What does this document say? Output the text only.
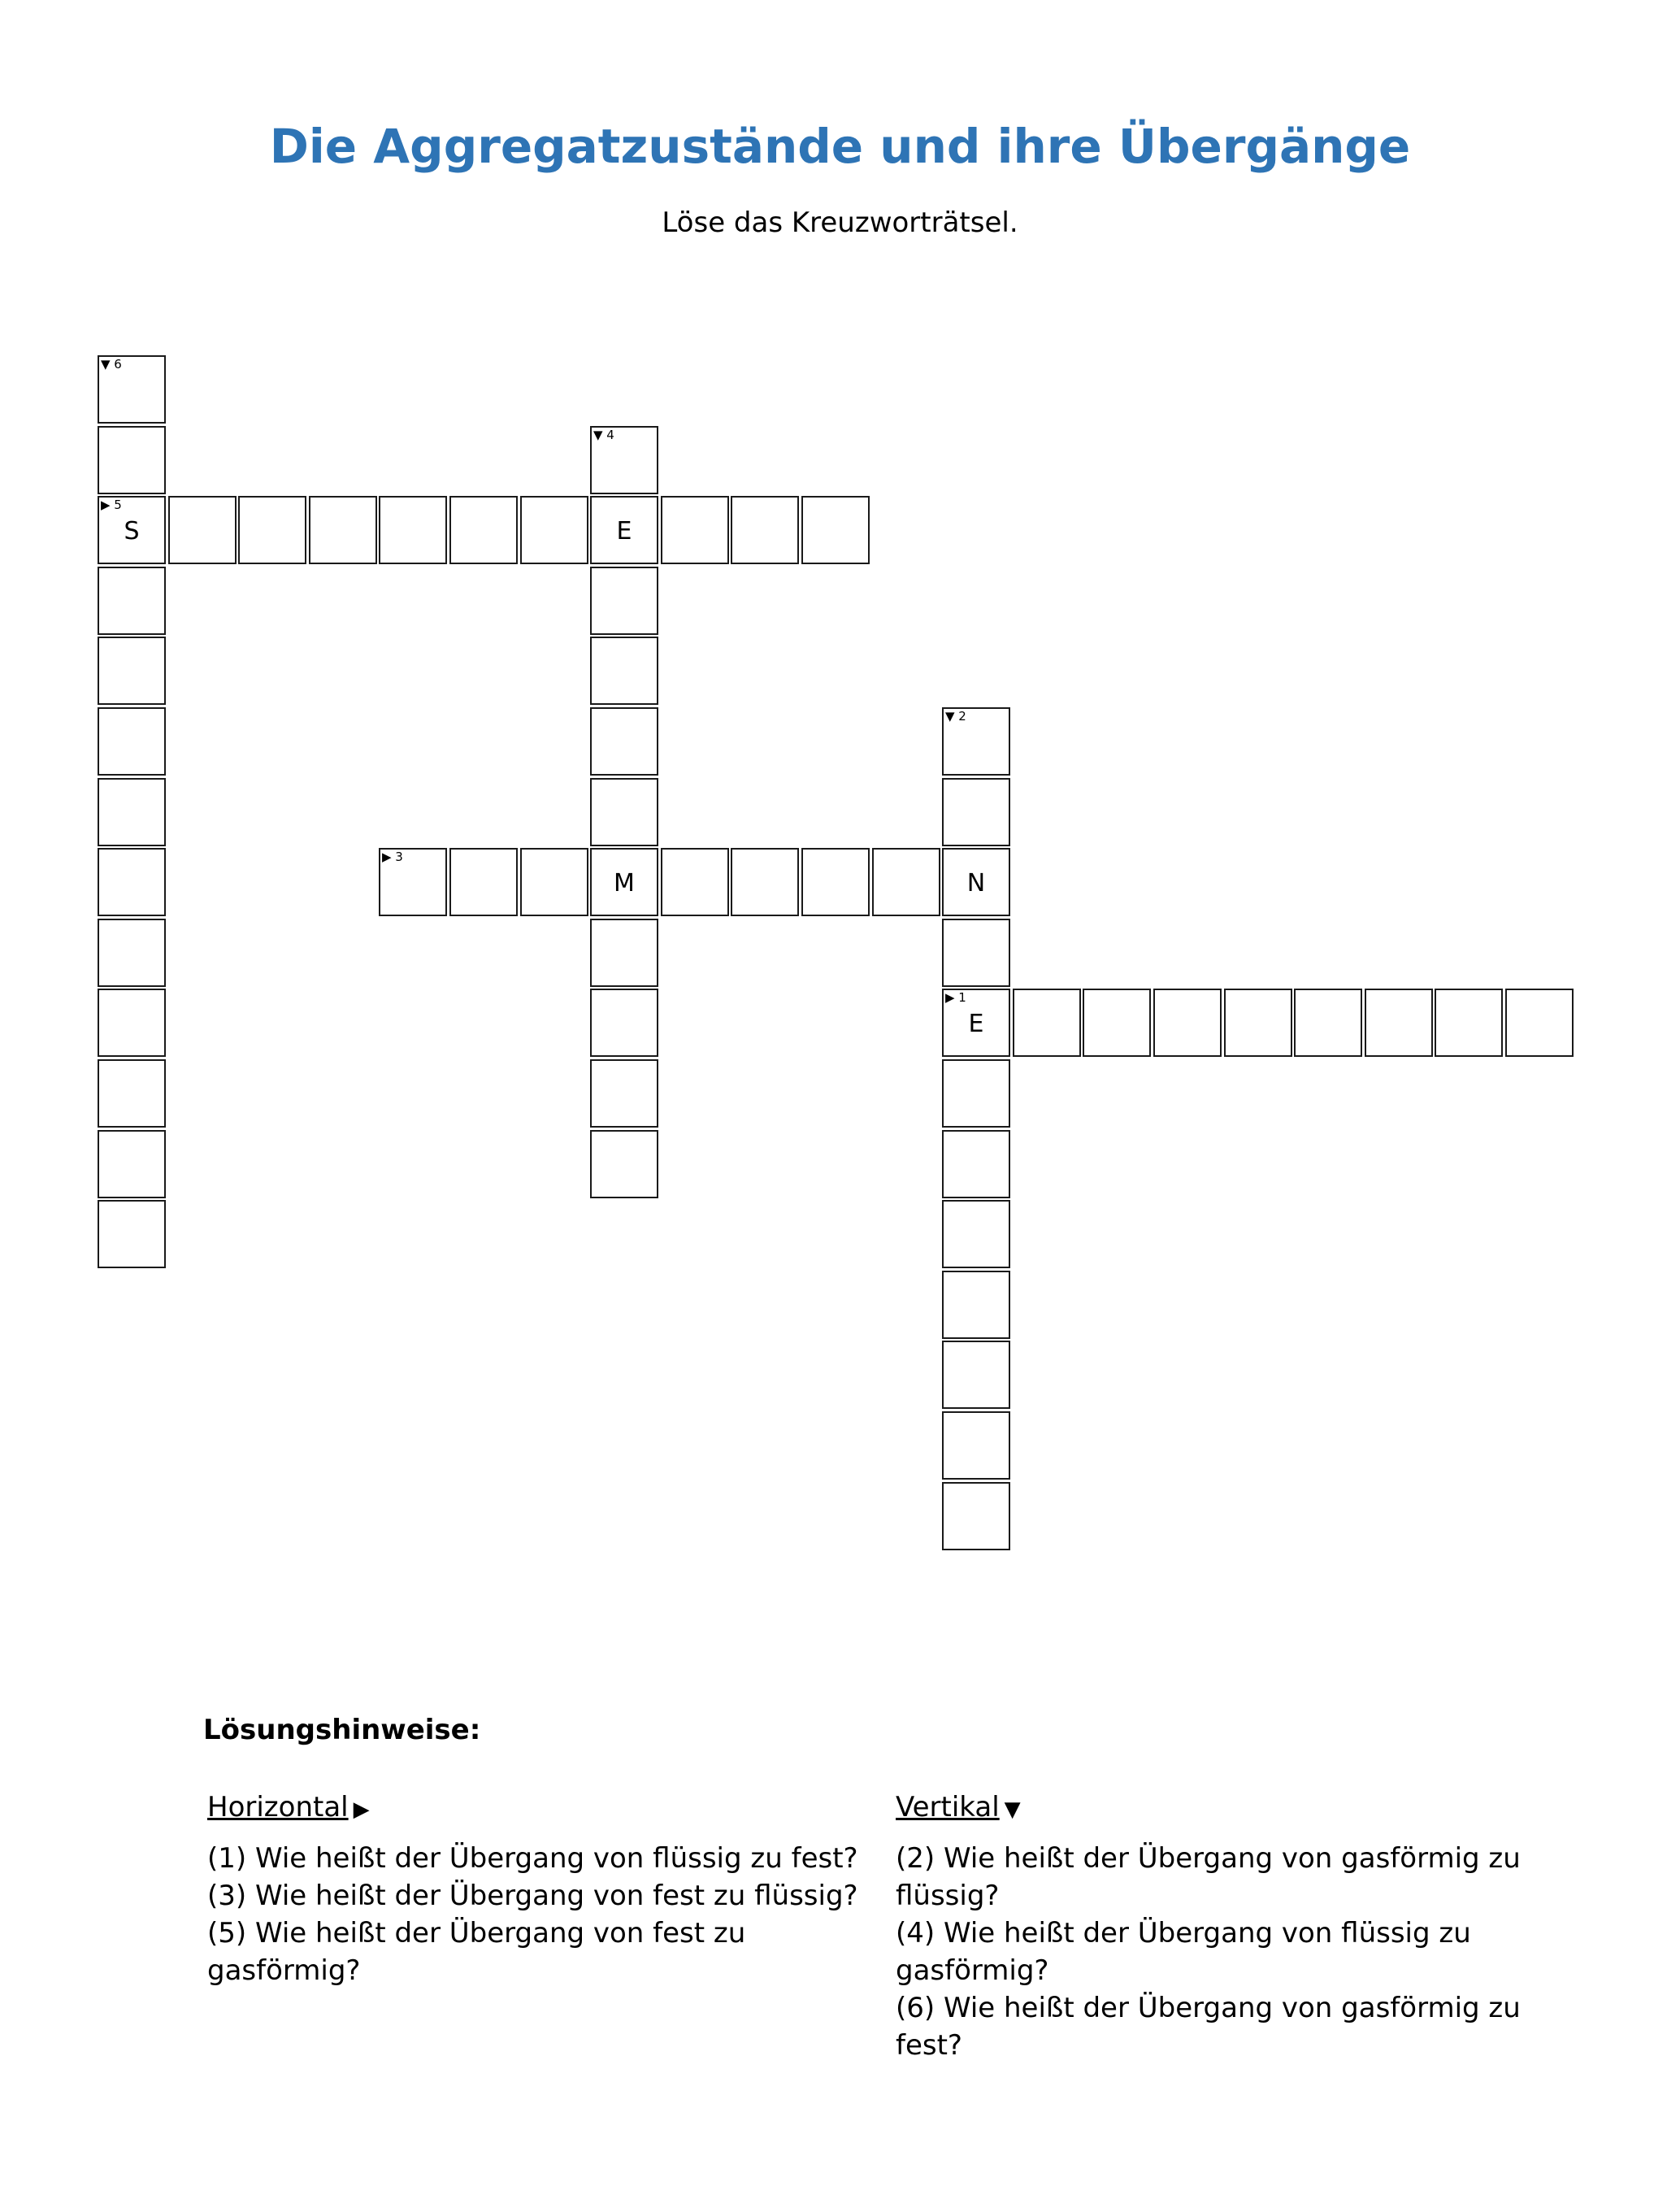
Die Aggregatzustände und ihre Übergänge

Löse das Kreuzworträtsel.

▼ 6
▶ 5
S
▼ 4
E
M
▼ 2
N
▶ 1
E
▶ 3

Lösungshinweise:

Horizontal ▶

(1) Wie heißt der Übergang von flüssig zu fest?

(3) Wie heißt der Übergang von fest zu flüssig?

(5) Wie heißt der Übergang von fest zu gasförmig?

Vertikal ▼

(2) Wie heißt der Übergang von gasförmig zu flüssig?

(4) Wie heißt der Übergang von flüssig zu gasförmig?

(6) Wie heißt der Übergang von gasförmig zu fest?
